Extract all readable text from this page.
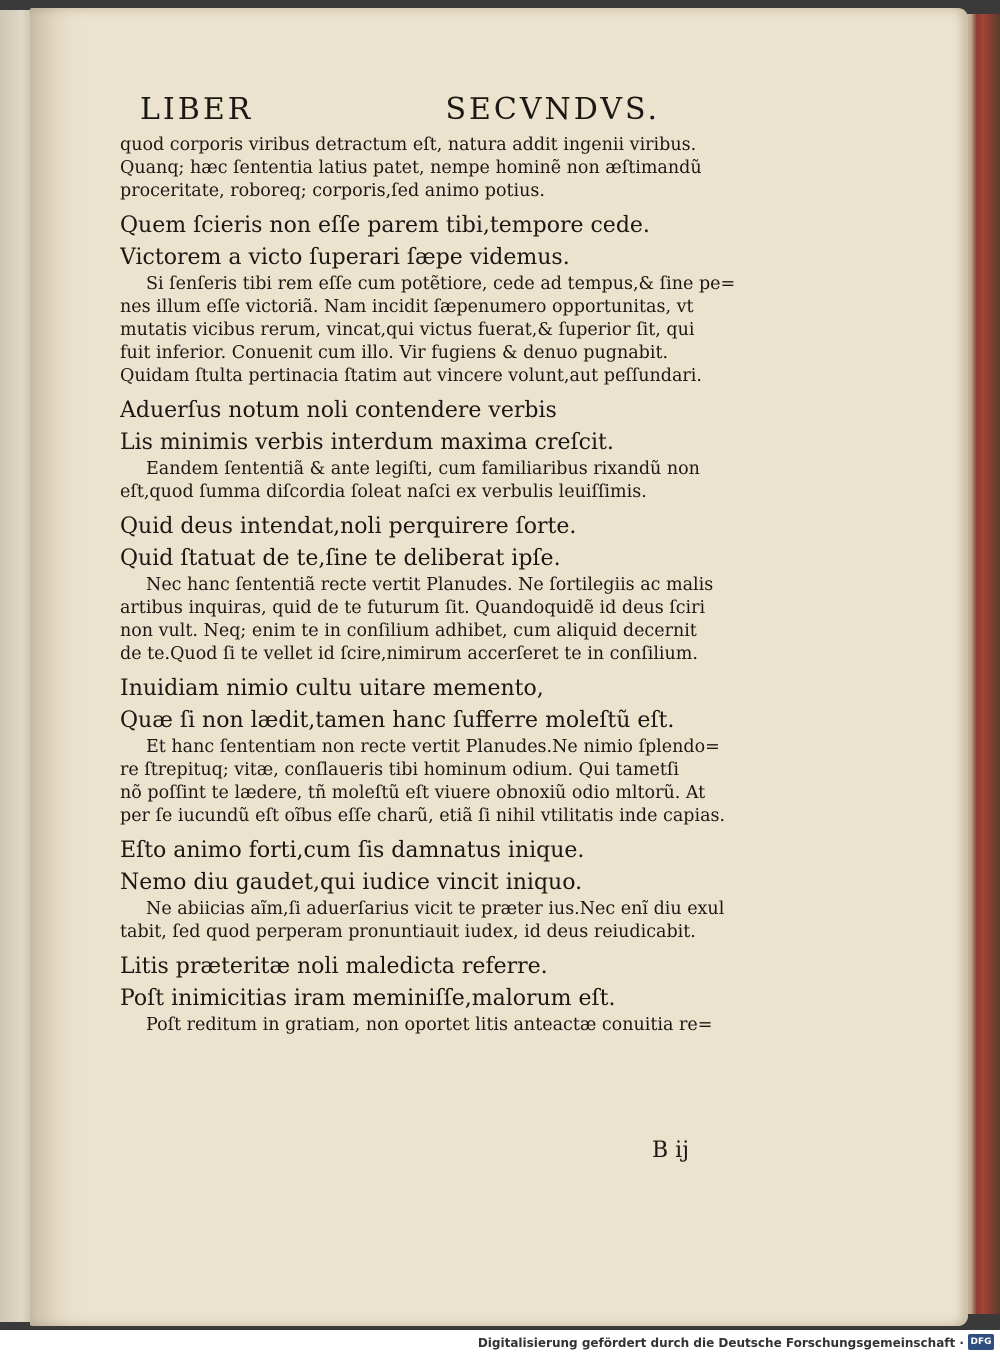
LIBER	SECVNDVS.
quod corporis viribus detractum eſt, natura addit ingenii viribus.
Quanq; hæc ſententia latius patet, nempe hominẽ non æſtimandũ
proceritate, roboreq; corporis,ſed animo potius.
Quem ſcieris non eſſe parem tibi,tempore cede.
Victorem a victo ſuperari ſæpe videmus.
Si ſenſeris tibi rem eſſe cum potẽtiore, cede ad tempus,& ſine pe=
nes illum eſſe victoriã. Nam incidit ſæpenumero opportunitas, vt
mutatis vicibus rerum, vincat,qui victus fuerat,& ſuperior ſit, qui
fuit inferior. Conuenit cum illo. Vir fugiens & denuo pugnabit.
Quidam ſtulta pertinacia ſtatim aut vincere volunt,aut peſſundari.
Aduerſus notum noli contendere verbis
Lis minimis verbis interdum maxima creſcit.
Eandem ſententiã & ante legiſti, cum familiaribus rixandũ non
eſt,quod ſumma diſcordia ſoleat naſci ex verbulis leuiſſimis.
Quid deus intendat,noli perquirere ſorte.
Quid ſtatuat de te,ſine te deliberat ipſe.
Nec hanc ſententiã recte vertit Planudes. Ne ſortilegiis ac malis
artibus inquiras, quid de te futurum ſit. Quandoquidẽ id deus ſciri
non vult. Neq; enim te in conſilium adhibet, cum aliquid decernit
de te.Quod ſi te vellet id ſcire,nimirum accerſeret te in conſilium.
Inuidiam nimio cultu uitare memento,
Quæ ſi non lædit,tamen hanc ſufferre moleſtũ eſt.
Et hanc ſententiam non recte vertit Planudes.Ne nimio ſplendo=
re ſtrepituq; vitæ, conſlaueris tibi hominum odium. Qui tametſi
nõ poſſint te lædere, tñ moleſtũ eſt viuere obnoxiũ odio mltorũ. At
per ſe iucundũ eſt oĩbus eſſe charũ, etiã ſi nihil vtilitatis inde capias.
Eſto animo forti,cum ſis damnatus inique.
Nemo diu gaudet,qui iudice vincit iniquo.
Ne abiicias aĩm,ſi aduerſarius vicit te præter ius.Nec enĩ diu exul
tabit, ſed quod perperam pronuntiauit iudex, id deus reiudicabit.
Litis præteritæ noli maledicta referre.
Poſt inimicitias iram meminiſſe,malorum eſt.
Poſt reditum in gratiam, non oportet litis anteactæ conuitia re=
B ij
Digitalisierung gefördert durch die Deutsche Forschungsgemeinschaft · DFG
